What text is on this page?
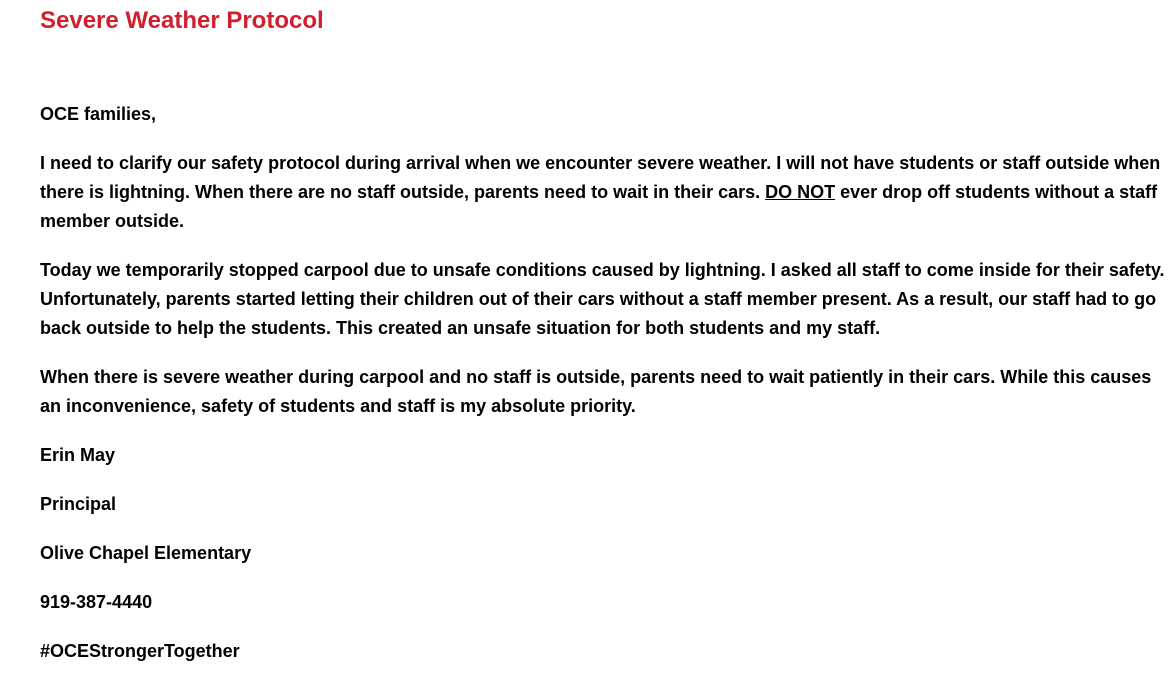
Severe Weather Protocol

OCE families,

I need to clarify our safety protocol during arrival when we encounter severe weather. I will not have students or staff outside when there is lightning. When there are no staff outside, parents need to wait in their cars. DO NOT ever drop off students without a staff member outside.

Today we temporarily stopped carpool due to unsafe conditions caused by lightning. I asked all staff to come inside for their safety. Unfortunately, parents started letting their children out of their cars without a staff member present. As a result, our staff had to go back outside to help the students. This created an unsafe situation for both students and my staff.

When there is severe weather during carpool and no staff is outside, parents need to wait patiently in their cars. While this causes an inconvenience, safety of students and staff is my absolute priority.

Erin May

Principal

Olive Chapel Elementary

919-387-4440

#OCEStrongerTogether
